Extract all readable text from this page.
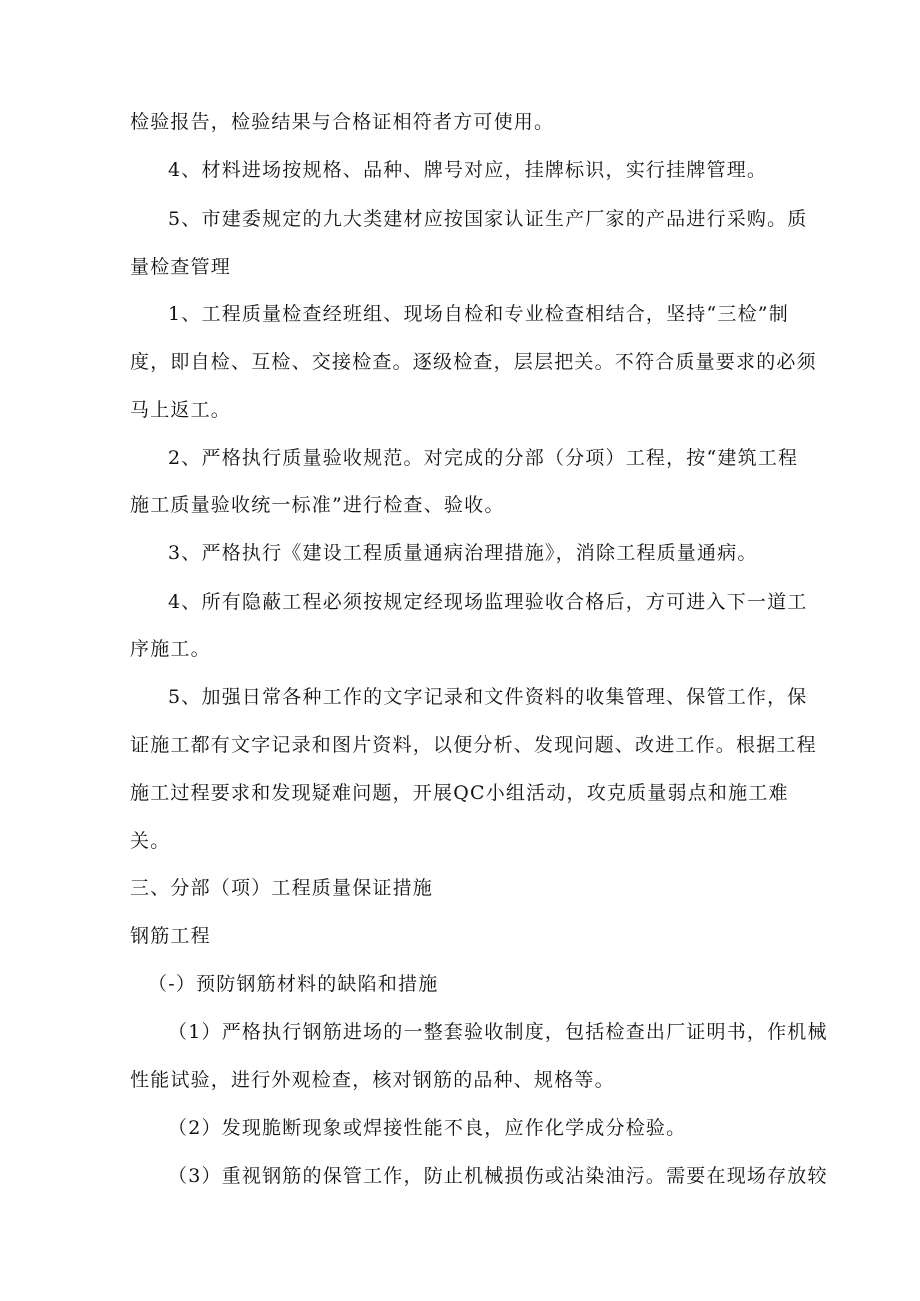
检验报告，检验结果与合格证相符者方可使用。
4、材料进场按规格、品种、牌号对应，挂牌标识，实行挂牌管理。
5、市建委规定的九大类建材应按国家认证生产厂家的产品进行采购。质
量检查管理
1、工程质量检查经班组、现场自检和专业检查相结合，坚持“三检”制
度，即自检、互检、交接检查。逐级检查，层层把关。不符合质量要求的必须
马上返工。
2、严格执行质量验收规范。对完成的分部（分项）工程，按“建筑工程
施工质量验收统一标准”进行检查、验收。
3、严格执行《建设工程质量通病治理措施》，消除工程质量通病。
4、所有隐蔽工程必须按规定经现场监理验收合格后，方可进入下一道工
序施工。
5、加强日常各种工作的文字记录和文件资料的收集管理、保管工作，保
证施工都有文字记录和图片资料，以便分析、发现问题、改进工作。根据工程
施工过程要求和发现疑难问题，开展QC小组活动，攻克质量弱点和施工难
关。
三、分部（项）工程质量保证措施
钢筋工程
（-）预防钢筋材料的缺陷和措施
（1）严格执行钢筋进场的一整套验收制度，包括检查出厂证明书，作机械
性能试验，进行外观检查，核对钢筋的品种、规格等。
（2）发现脆断现象或焊接性能不良，应作化学成分检验。
（3）重视钢筋的保管工作，防止机械损伤或沾染油污。需要在现场存放较
